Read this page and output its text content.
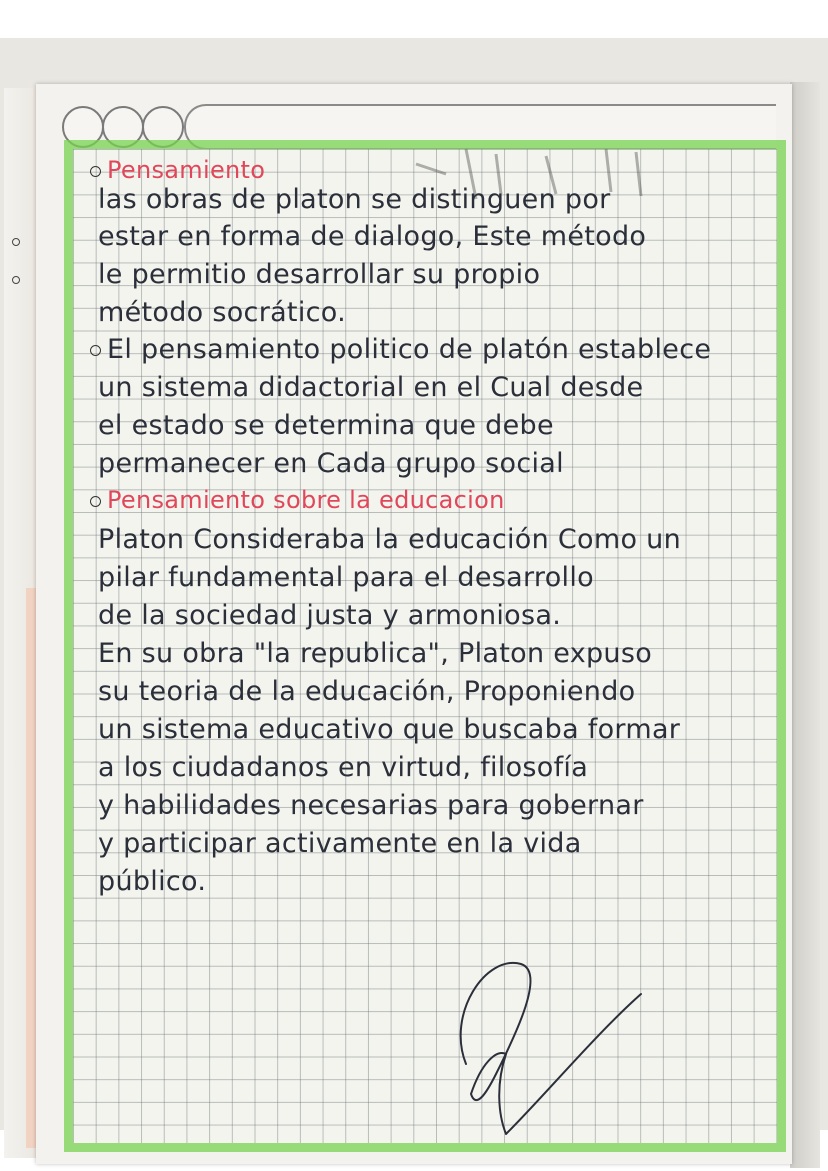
Pensamiento
las obras de platon se distinguen por
estar en forma de dialogo, Este método
le permitio desarrollar su propio
método socrático.
El pensamiento politico de platón establece
un sistema didactorial en el Cual desde
el estado se determina que debe
permanecer en Cada grupo social
Pensamiento sobre la educacion
Platon Consideraba la educación Como un
pilar fundamental para el desarrollo
de la sociedad justa y armoniosa.
En su obra "la republica", Platon expuso
su teoria de la educación, Proponiendo
un sistema educativo que buscaba formar
a los ciudadanos en virtud, filosofía
y habilidades necesarias para gobernar
y participar activamente en la vida
público.
